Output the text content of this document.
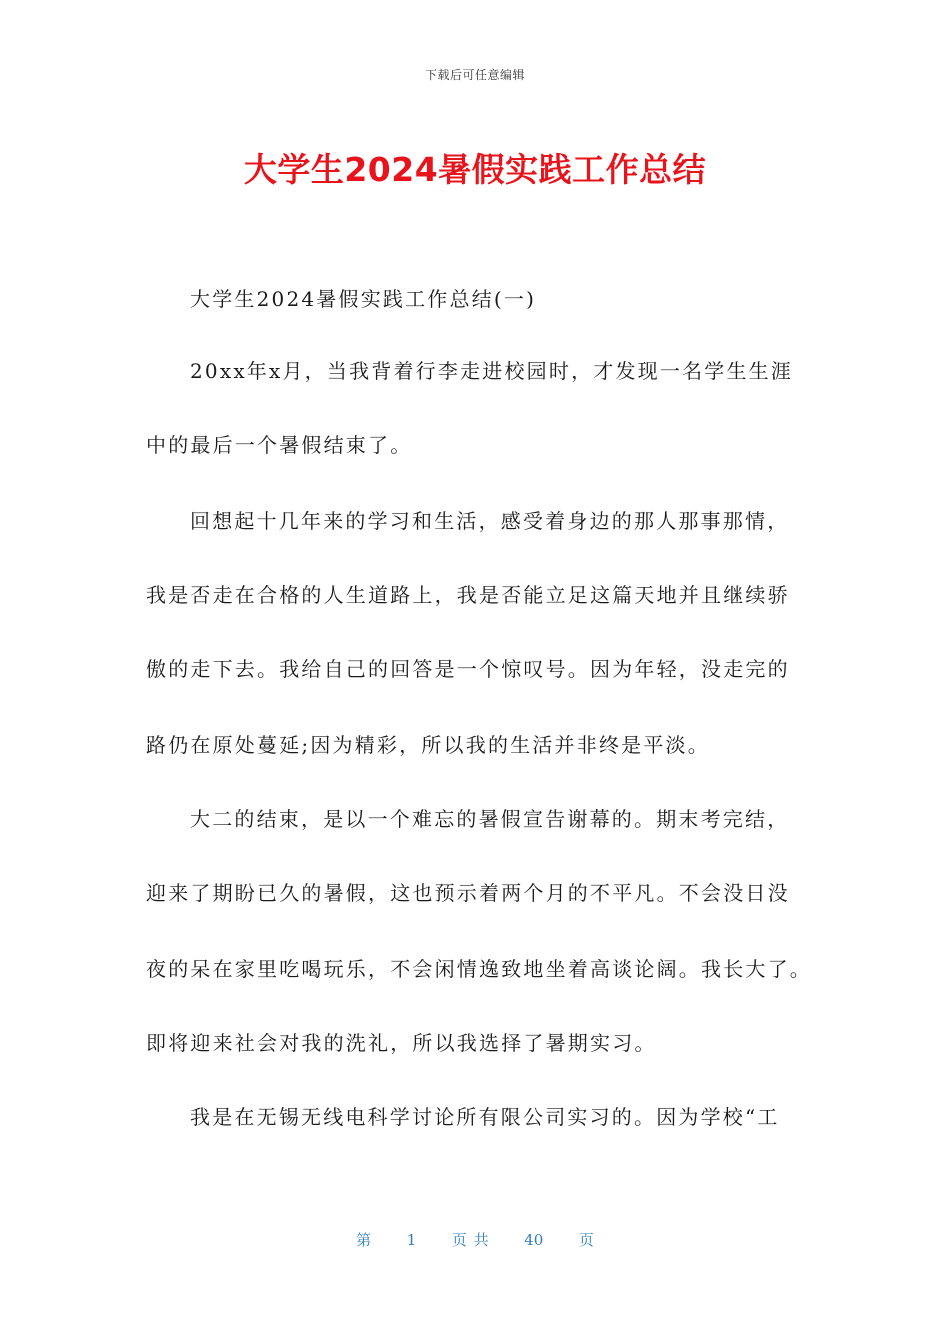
下载后可任意编辑
大学生2024暑假实践工作总结
大学生2024暑假实践工作总结(一)
20xx年x月，当我背着行李走进校园时，才发现一名学生生涯
中的最后一个暑假结束了。
回想起十几年来的学习和生活，感受着身边的那人那事那情，
我是否走在合格的人生道路上，我是否能立足这篇天地并且继续骄
傲的走下去。我给自己的回答是一个惊叹号。因为年轻，没走完的
路仍在原处蔓延;因为精彩，所以我的生活并非终是平淡。
大二的结束，是以一个难忘的暑假宣告谢幕的。期末考完结，
迎来了期盼已久的暑假，这也预示着两个月的不平凡。不会没日没
夜的呆在家里吃喝玩乐，不会闲情逸致地坐着高谈论阔。我长大了。
即将迎来社会对我的洗礼，所以我选择了暑期实习。
我是在无锡无线电科学讨论所有限公司实习的。因为学校“工
第 1 页 共 40 页
